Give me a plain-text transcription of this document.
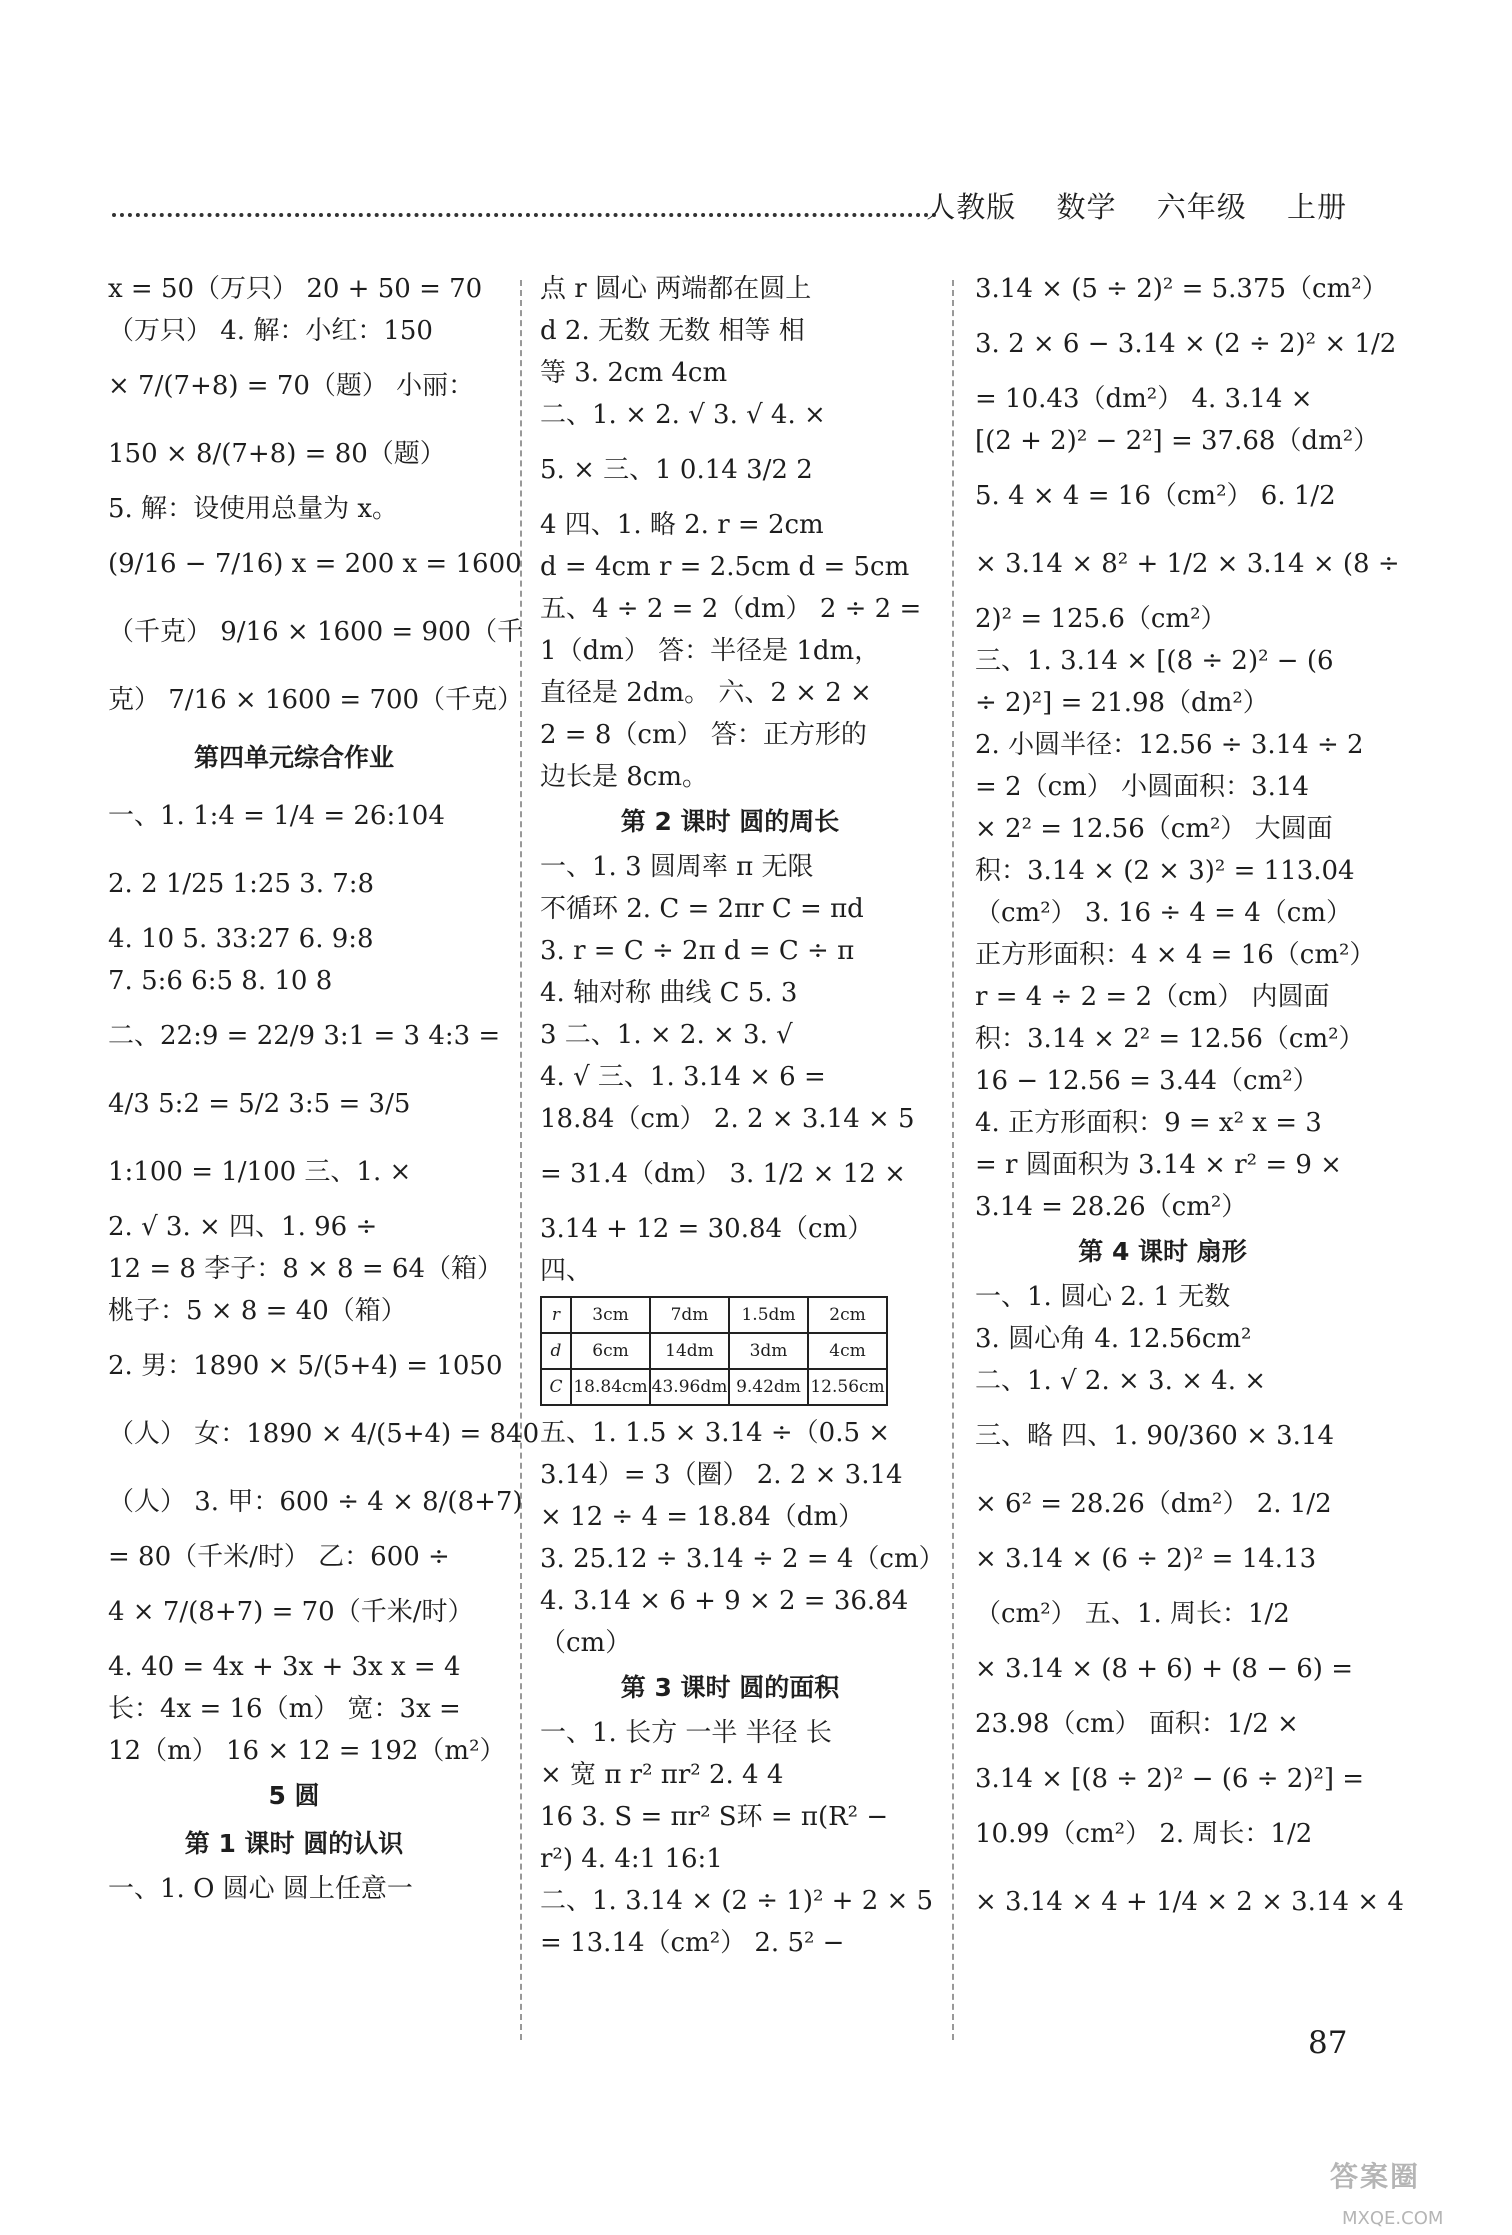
人教版 数学 六年级 上册
x = 50（万只） 20 + 50 = 70
（万只） 4. 解：小红：150
× 7/(7+8) = 70（题） 小丽：
150 × 8/(7+8) = 80（题）
5. 解：设使用总量为 x。
(9/16 − 7/16) x = 200 x = 1600
（千克） 9/16 × 1600 = 900（千
克） 7/16 × 1600 = 700（千克）
第四单元综合作业
一、1. 1:4 = 1/4 = 26:104
2. 2 1/25 1:25 3. 7:8
4. 10 5. 33:27 6. 9:8
7. 5:6 6:5 8. 10 8
二、22:9 = 22/9 3:1 = 3 4:3 =
4/3 5:2 = 5/2 3:5 = 3/5
1:100 = 1/100 三、1. ×
2. √ 3. × 四、1. 96 ÷
12 = 8 李子：8 × 8 = 64（箱）
桃子：5 × 8 = 40（箱）
2. 男：1890 × 5/(5+4) = 1050
（人） 女：1890 × 4/(5+4) = 840
（人） 3. 甲：600 ÷ 4 × 8/(8+7)
= 80（千米/时） 乙：600 ÷
4 × 7/(8+7) = 70（千米/时）
4. 40 = 4x + 3x + 3x x = 4
长：4x = 16（m） 宽：3x =
12（m） 16 × 12 = 192（m²）
5 圆
第 1 课时 圆的认识
一、1. O 圆心 圆上任意一
点 r 圆心 两端都在圆上
d 2. 无数 无数 相等 相
等 3. 2cm 4cm
二、1. × 2. √ 3. √ 4. ×
5. × 三、1 0.14 3/2 2
4 四、1. 略 2. r = 2cm
d = 4cm r = 2.5cm d = 5cm
五、4 ÷ 2 = 2（dm） 2 ÷ 2 =
1（dm） 答：半径是 1dm，
直径是 2dm。 六、2 × 2 ×
2 = 8（cm） 答：正方形的
边长是 8cm。
第 2 课时 圆的周长
一、1. 3 圆周率 π 无限
不循环 2. C = 2πr C = πd
3. r = C ÷ 2π d = C ÷ π
4. 轴对称 曲线 C 5. 3
3 二、1. × 2. × 3. √
4. √ 三、1. 3.14 × 6 =
18.84（cm） 2. 2 × 3.14 × 5
= 31.4（dm） 3. 1/2 × 12 ×
3.14 + 12 = 30.84（cm）
四、
r	3cm	7dm	1.5dm	2cm
d	6cm	14dm	3dm	4cm
C	18.84cm	43.96dm	9.42dm	12.56cm
五、1. 1.5 × 3.14 ÷（0.5 ×
3.14）= 3（圈） 2. 2 × 3.14
× 12 ÷ 4 = 18.84（dm）
3. 25.12 ÷ 3.14 ÷ 2 = 4（cm）
4. 3.14 × 6 + 9 × 2 = 36.84
（cm）
第 3 课时 圆的面积
一、1. 长方 一半 半径 长
× 宽 π r² πr² 2. 4 4
16 3. S = πr² S环 = π(R² −
r²) 4. 4:1 16:1
二、1. 3.14 × (2 ÷ 1)² + 2 × 5
= 13.14（cm²） 2. 5² −
3.14 × (5 ÷ 2)² = 5.375（cm²）
3. 2 × 6 − 3.14 × (2 ÷ 2)² × 1/2
= 10.43（dm²） 4. 3.14 ×
[(2 + 2)² − 2²] = 37.68（dm²）
5. 4 × 4 = 16（cm²） 6. 1/2
× 3.14 × 8² + 1/2 × 3.14 × (8 ÷
2)² = 125.6（cm²）
三、1. 3.14 × [(8 ÷ 2)² − (6
÷ 2)²] = 21.98（dm²）
2. 小圆半径：12.56 ÷ 3.14 ÷ 2
= 2（cm） 小圆面积：3.14
× 2² = 12.56（cm²） 大圆面
积：3.14 × (2 × 3)² = 113.04
（cm²） 3. 16 ÷ 4 = 4（cm）
正方形面积：4 × 4 = 16（cm²）
r = 4 ÷ 2 = 2（cm） 内圆面
积：3.14 × 2² = 12.56（cm²）
16 − 12.56 = 3.44（cm²）
4. 正方形面积：9 = x² x = 3
= r 圆面积为 3.14 × r² = 9 ×
3.14 = 28.26（cm²）
第 4 课时 扇形
一、1. 圆心 2. 1 无数
3. 圆心角 4. 12.56cm²
二、1. √ 2. × 3. × 4. ×
三、略 四、1. 90/360 × 3.14
× 6² = 28.26（dm²） 2. 1/2
× 3.14 × (6 ÷ 2)² = 14.13
（cm²） 五、1. 周长：1/2
× 3.14 × (8 + 6) + (8 − 6) =
23.98（cm） 面积：1/2 ×
3.14 × [(8 ÷ 2)² − (6 ÷ 2)²] =
10.99（cm²） 2. 周长：1/2
× 3.14 × 4 + 1/4 × 2 × 3.14 × 4
87
答案圈
MXQE.COM
